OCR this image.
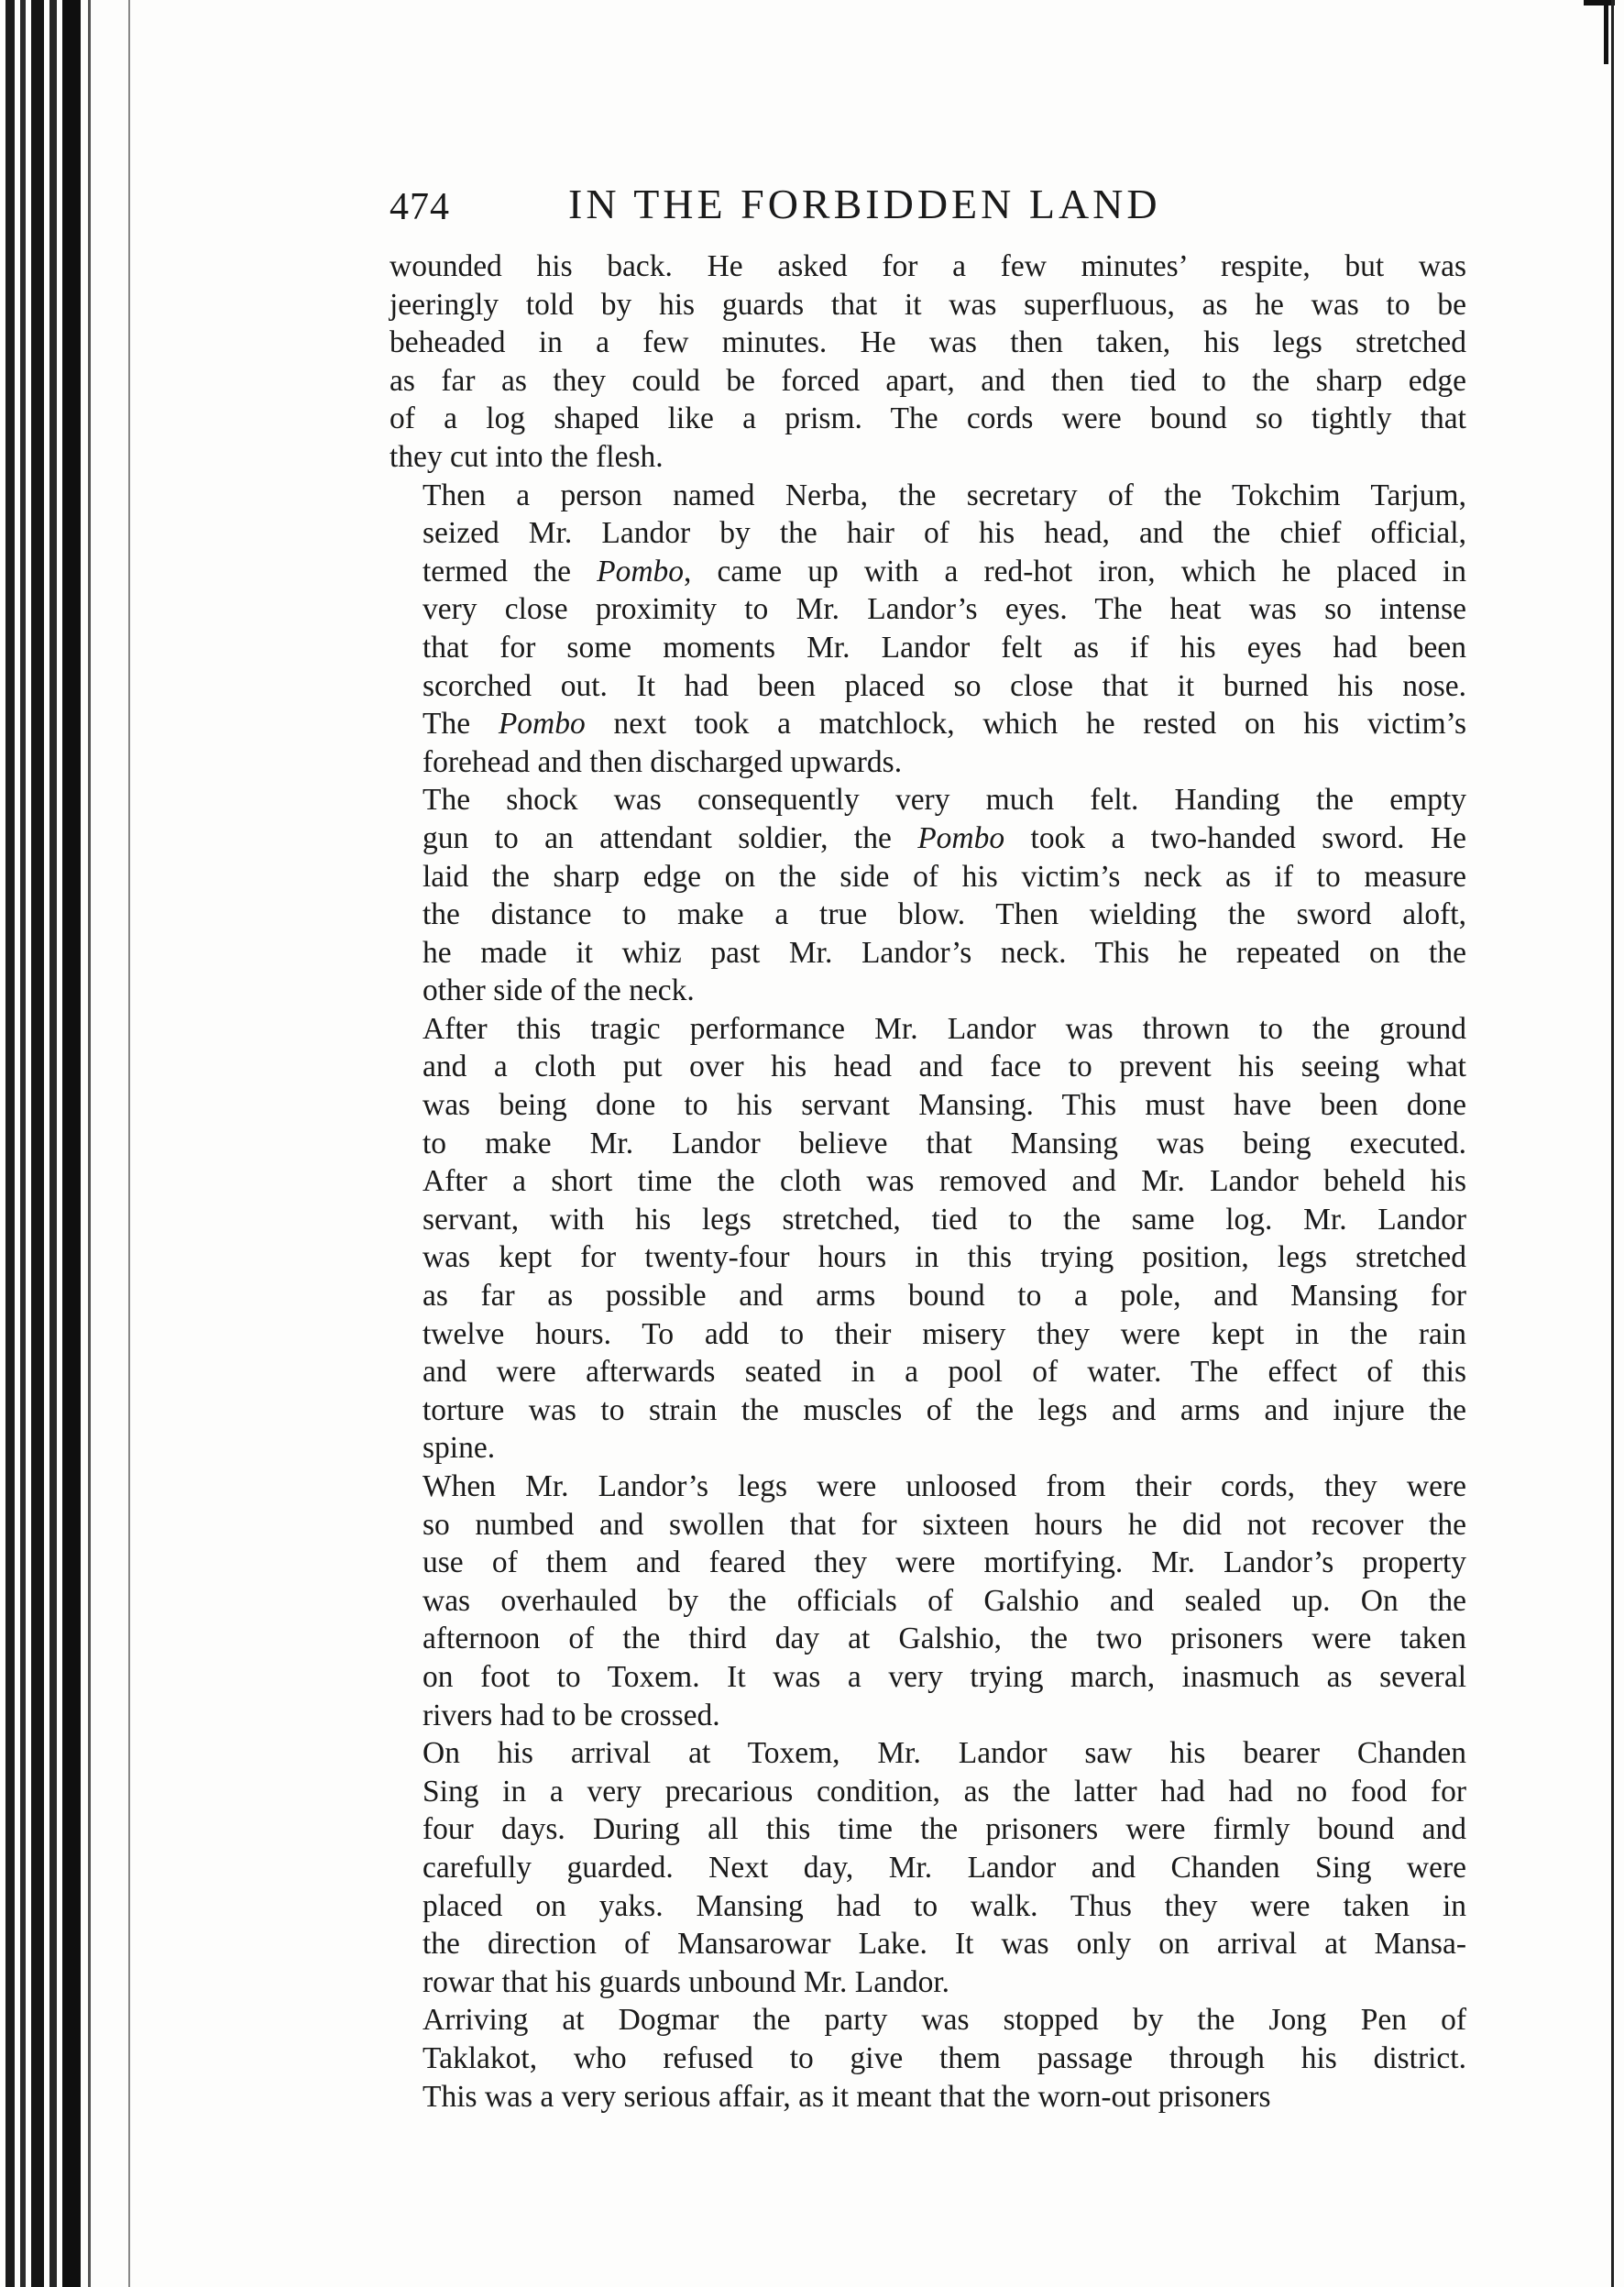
474	IN THE FORBIDDEN LAND

wounded his back. He asked for a few minutes’ respite, but was
jeeringly told by his guards that it was superfluous, as he was to be
beheaded in a few minutes. He was then taken, his legs stretched
as far as they could be forced apart, and then tied to the sharp edge
of a log shaped like a prism. The cords were bound so tightly that
they cut into the flesh.

Then a person named Nerba, the secretary of the Tokchim Tarjum,
seized Mr. Landor by the hair of his head, and the chief official,
termed the Pombo, came up with a red-hot iron, which he placed in
very close proximity to Mr. Landor’s eyes. The heat was so intense
that for some moments Mr. Landor felt as if his eyes had been
scorched out. It had been placed so close that it burned his nose.
The Pombo next took a matchlock, which he rested on his victim’s
forehead and then discharged upwards.

The shock was consequently very much felt. Handing the empty
gun to an attendant soldier, the Pombo took a two-handed sword. He
laid the sharp edge on the side of his victim’s neck as if to measure
the distance to make a true blow. Then wielding the sword aloft,
he made it whiz past Mr. Landor’s neck. This he repeated on the
other side of the neck.

After this tragic performance Mr. Landor was thrown to the ground
and a cloth put over his head and face to prevent his seeing what
was being done to his servant Mansing. This must have been done
to make Mr. Landor believe that Mansing was being executed.
After a short time the cloth was removed and Mr. Landor beheld his
servant, with his legs stretched, tied to the same log. Mr. Landor
was kept for twenty-four hours in this trying position, legs stretched
as far as possible and arms bound to a pole, and Mansing for
twelve hours. To add to their misery they were kept in the rain
and were afterwards seated in a pool of water. The effect of this
torture was to strain the muscles of the legs and arms and injure the
spine.

When Mr. Landor’s legs were unloosed from their cords, they were
so numbed and swollen that for sixteen hours he did not recover the
use of them and feared they were mortifying. Mr. Landor’s property
was overhauled by the officials of Galshio and sealed up. On the
afternoon of the third day at Galshio, the two prisoners were taken
on foot to Toxem. It was a very trying march, inasmuch as several
rivers had to be crossed.

On his arrival at Toxem, Mr. Landor saw his bearer Chanden
Sing in a very precarious condition, as the latter had had no food for
four days. During all this time the prisoners were firmly bound and
carefully guarded. Next day, Mr. Landor and Chanden Sing were
placed on yaks. Mansing had to walk. Thus they were taken in
the direction of Mansarowar Lake. It was only on arrival at Mansa-
rowar that his guards unbound Mr. Landor.

Arriving at Dogmar the party was stopped by the Jong Pen of
Taklakot, who refused to give them passage through his district.
This was a very serious affair, as it meant that the worn-out prisoners
